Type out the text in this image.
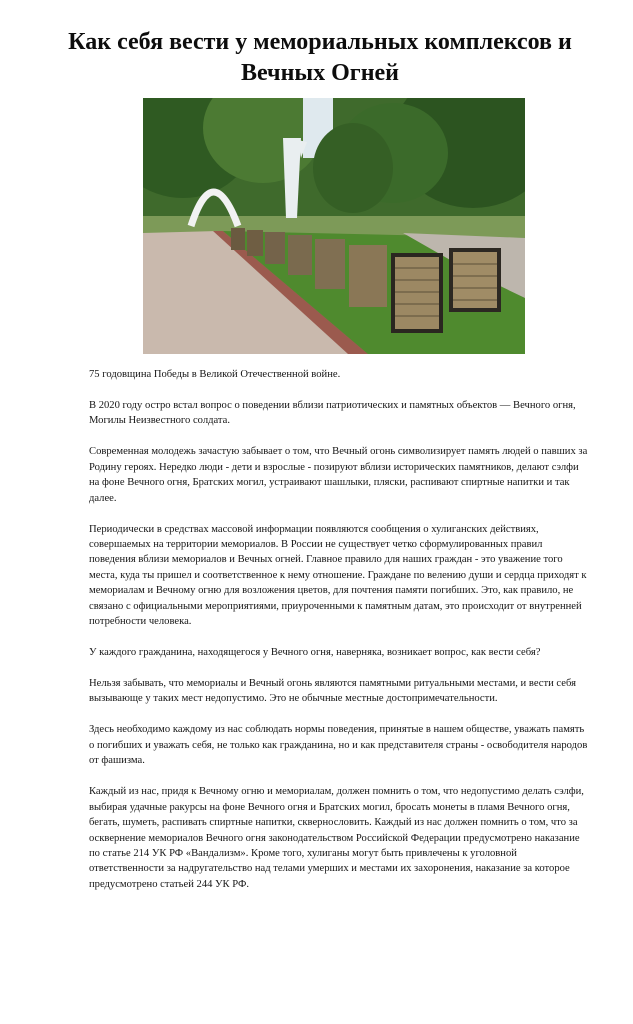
Как себя вести у мемориальных комплексов и Вечных Огней

75 годовщина Победы в Великой Отечественной войне.

В 2020 году остро встал вопрос о поведении вблизи патриотических и памятных объектов — Вечного огня, Могилы Неизвестного солдата.

Современная молодежь зачастую забывает о том, что Вечный огонь символизирует память людей о павших за Родину героях. Нередко люди - дети и взрослые - позируют вблизи исторических памятников, делают сэлфи на фоне Вечного огня, Братских могил, устраивают шашлыки, пляски, распивают спиртные напитки и так далее.

Периодически в средствах массовой информации появляются сообщения о хулиганских действиях, совершаемых на территории мемориалов. В России не существует четко сформулированных правил поведения вблизи мемориалов и Вечных огней. Главное правило для наших граждан - это уважение того места, куда ты пришел и соответственное к нему отношение. Граждане по велению души и сердца приходят к мемориалам и Вечному огню для возложения цветов, для почтения памяти погибших. Это, как правило, не связано с официальными мероприятиями, приуроченными к памятным датам, это происходит от внутренней потребности человека.

У каждого гражданина, находящегося у Вечного огня, наверняка, возникает вопрос, как вести себя?

Нельзя забывать, что мемориалы и Вечный огонь являются памятными ритуальными местами, и вести себя вызывающе у таких мест недопустимо. Это не обычные местные достопримечательности.

Здесь необходимо каждому из нас соблюдать нормы поведения, принятые в нашем обществе, уважать память о погибших и уважать себя, не только как гражданина, но и как представителя страны - освободителя народов от фашизма.

Каждый из нас, придя к Вечному огню и мемориалам, должен помнить о том, что недопустимо делать сэлфи, выбирая удачные ракурсы на фоне Вечного огня и Братских могил, бросать монеты в пламя Вечного огня, бегать, шуметь, распивать спиртные напитки, сквернословить. Каждый из нас должен помнить о том, что за осквернение мемориалов Вечного огня законодательством Российской Федерации предусмотрено наказание по статье 214 УК РФ «Вандализм». Кроме того, хулиганы могут быть привлечены к уголовной ответственности за надругательство над телами умерших и местами их захоронения, наказание за которое предусмотрено статьей 244 УК РФ.
